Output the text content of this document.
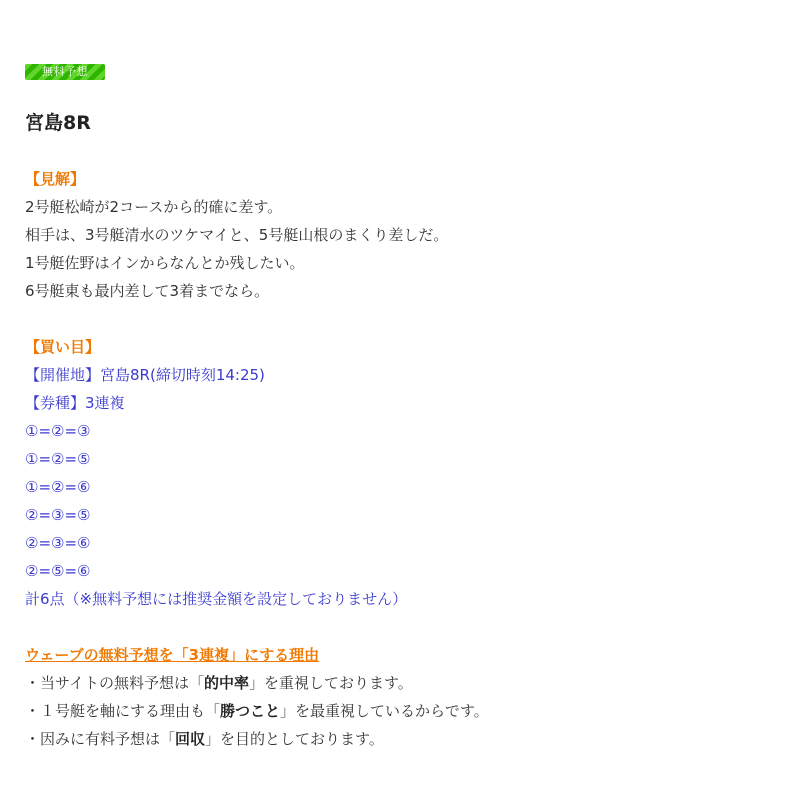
無料予想
宮島8R

【見解】

2号艇松崎が2コースから的確に差す。

相手は、3号艇清水のツケマイと、5号艇山根のまくり差しだ。

1号艇佐野はインからなんとか残したい。

6号艇東も最内差して3着までなら。

【買い目】

【開催地】宮島8R(締切時刻14:25)

【券種】3連複

①=②=③

①=②=⑤

①=②=⑥

②=③=⑤

②=③=⑥

②=⑤=⑥

計6点（※無料予想には推奨金額を設定しておりません）

ウェーブの無料予想を「3連複」にする理由

・当サイトの無料予想は「的中率」を重視しております。

・１号艇を軸にする理由も「勝つこと」を最重視しているからです。

・因みに有料予想は「回収」を目的としております。
